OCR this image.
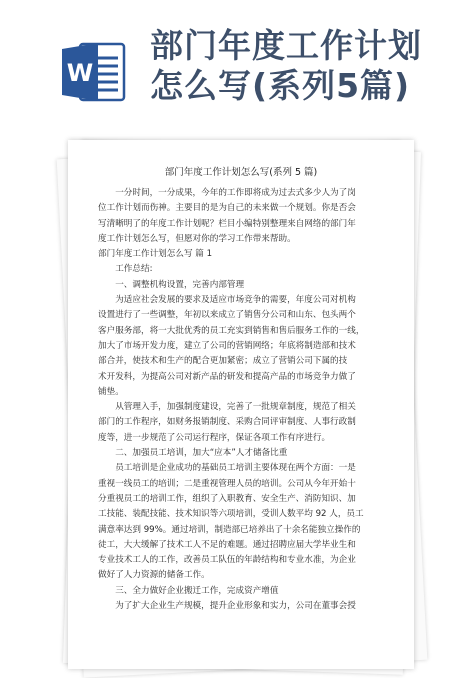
W
部门年度工作计划
怎么写(系列5篇)
部门年度工作计划怎么写(系列 5 篇)

一分时间，一分成果，今年的工作即将成为过去式多少人为了岗

位工作计划而伤神。主要目的是为自己的未来做一个规划。你是否会

写清晰明了的年度工作计划呢？栏目小编特别整理来自网络的部门年

度工作计划怎么写，但愿对你的学习工作带来帮助。

部门年度工作计划怎么写 篇 1

工作总结:

一、调整机构设置，完善内部管理

为适应社会发展的要求及适应市场竞争的需要，年度公司对机构

设置进行了一些调整，年初以来成立了销售分公司和山东、包头两个

客户服务部，将一大批优秀的员工充实到销售和售后服务工作的一线，

加大了市场开发力度，建立了公司的营销网络；年底将制造部和技术

部合并，使技术和生产的配合更加紧密；成立了营销公司下属的技

术开发科，为提高公司对新产品的研发和提高产品的市场竞争力做了

铺垫。

从管理入手，加强制度建设，完善了一批规章制度，规范了相关

部门的工作程序，如财务报销制度、采购合同评审制度、人事行政制

度等，进一步规范了公司运行程序，保证各项工作有序进行。

二、加强员工培训，加大“应本”人才储备比重

员工培训是企业成功的基础员工培训主要体现在两个方面：一是

重视一线员工的培训；二是重视管理人员的培训。公司从今年开始十

分重视员工的培训工作，组织了入职教育、安全生产、消防知识、加

工技能、装配技能、技术知识等六项培训，受训人数平均 92 人，员工

满意率达到 99%。通过培训，制造部已培养出了十余名能独立操作的

徒工，大大缓解了技术工人不足的难题。通过招聘应届大学毕业生和

专业技术工人的工作，改善员工队伍的年龄结构和专业水准，为企业

做好了人力资源的储备工作。

三、全力做好企业搬迁工作，完成资产增值

为了扩大企业生产规模，提升企业形象和实力，公司在董事会授
